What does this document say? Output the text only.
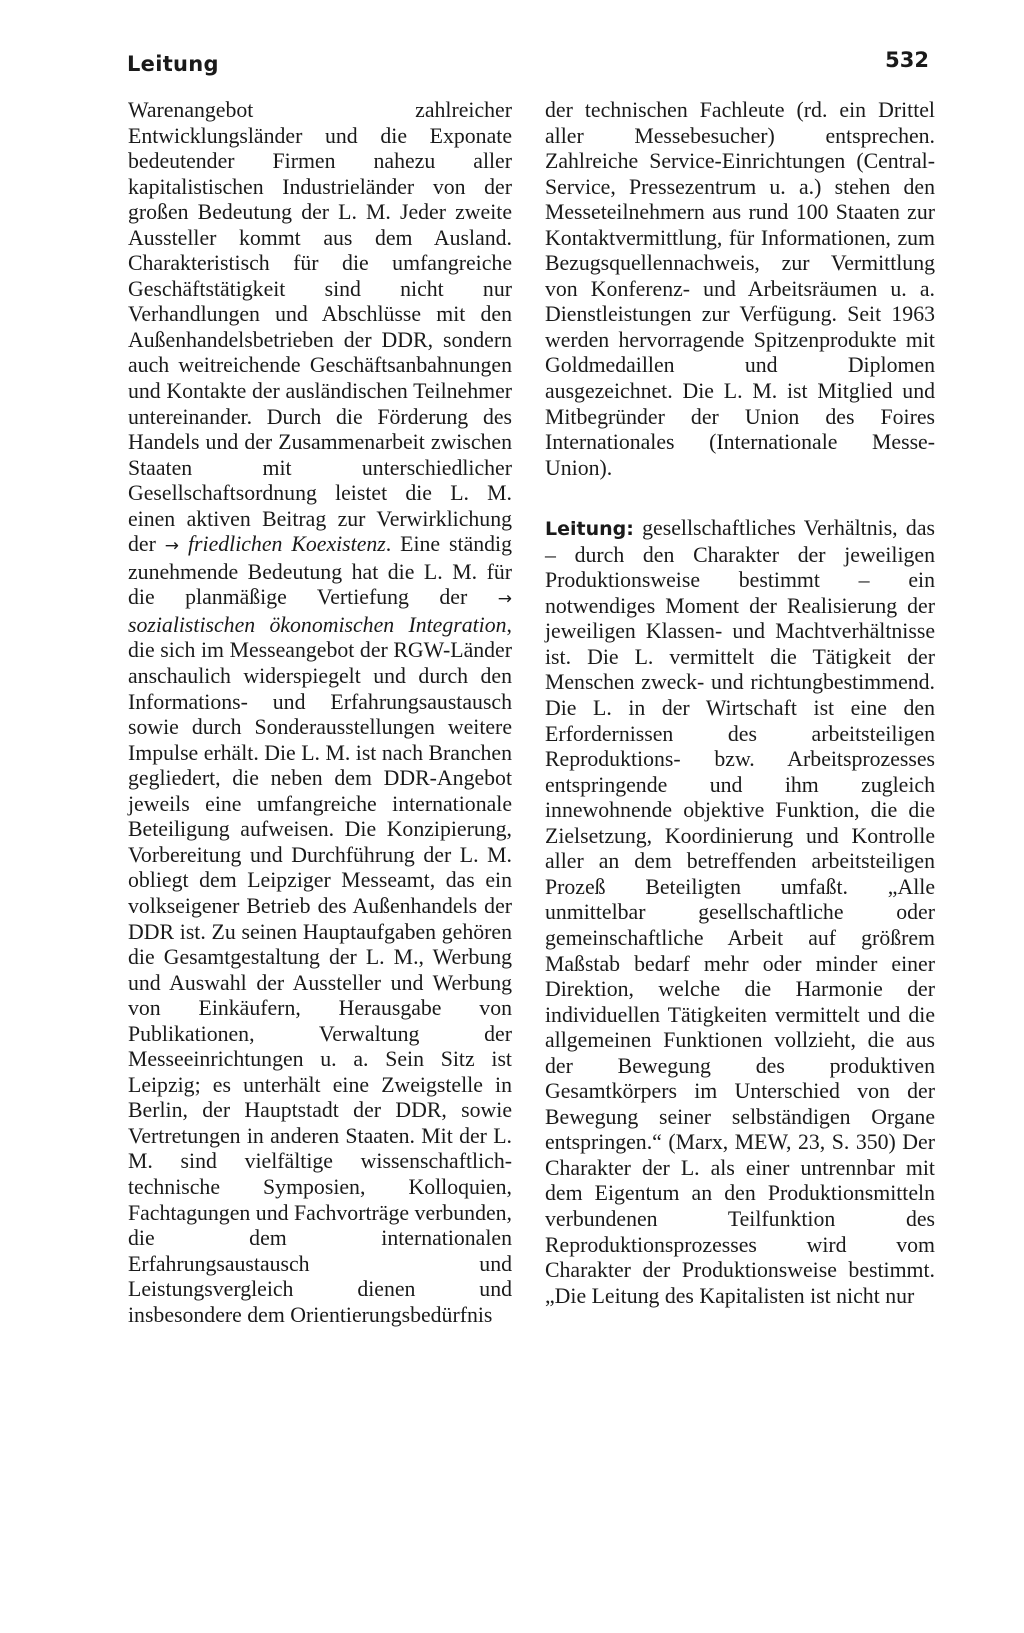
Leitung	532

Warenangebot zahlreicher Entwicklungsländer und die Exponate bedeutender Firmen nahezu aller kapitalistischen Industrieländer von der großen Bedeutung der L. M. Jeder zweite Aussteller kommt aus dem Ausland. Charakteristisch für die umfangreiche Geschäftstätigkeit sind nicht nur Verhandlungen und Abschlüsse mit den Außenhandelsbetrieben der DDR, sondern auch weitreichende Geschäftsanbahnungen und Kontakte der ausländischen Teilnehmer untereinander. Durch die Förderung des Handels und der Zusammenarbeit zwischen Staaten mit unterschiedlicher Gesellschaftsordnung leistet die L. M. einen aktiven Beitrag zur Verwirklichung der → friedlichen Koexistenz. Eine ständig zunehmende Bedeutung hat die L. M. für die planmäßige Vertiefung der → sozialistischen ökonomischen Integration, die sich im Messeangebot der RGW-Länder anschaulich widerspiegelt und durch den Informations- und Erfahrungsaustausch sowie durch Sonderausstellungen weitere Impulse erhält. Die L. M. ist nach Branchen gegliedert, die neben dem DDR-Angebot jeweils eine umfangreiche internationale Beteiligung aufweisen. Die Konzipierung, Vorbereitung und Durchführung der L. M. obliegt dem Leipziger Messeamt, das ein volkseigener Betrieb des Außenhandels der DDR ist. Zu seinen Hauptaufgaben gehören die Gesamtgestaltung der L. M., Werbung und Auswahl der Aussteller und Werbung von Einkäufern, Herausgabe von Publikationen, Verwaltung der Messeeinrichtungen u. a. Sein Sitz ist Leipzig; es unterhält eine Zweigstelle in Berlin, der Hauptstadt der DDR, sowie Vertretungen in anderen Staaten. Mit der L. M. sind vielfältige wissenschaftlich-technische Symposien, Kolloquien, Fachtagungen und Fachvorträge verbunden, die dem internationalen Erfahrungsaustausch und Leistungsvergleich dienen und insbesondere dem Orientierungsbedürfnis

der technischen Fachleute (rd. ein Drittel aller Messebesucher) entsprechen. Zahlreiche Service-Einrichtungen (Central-Service, Pressezentrum u. a.) stehen den Messeteilnehmern aus rund 100 Staaten zur Kontaktvermittlung, für Informationen, zum Bezugsquellennachweis, zur Vermittlung von Konferenz- und Arbeitsräumen u. a. Dienstleistungen zur Verfügung. Seit 1963 werden hervorragende Spitzenprodukte mit Goldmedaillen und Diplomen ausgezeichnet. Die L. M. ist Mitglied und Mitbegründer der Union des Foires Internationales (Internationale Messe-Union).

Leitung: gesellschaftliches Verhältnis, das – durch den Charakter der jeweiligen Produktionsweise bestimmt – ein notwendiges Moment der Realisierung der jeweiligen Klassen- und Machtverhältnisse ist. Die L. vermittelt die Tätigkeit der Menschen zweck- und richtungbestimmend. Die L. in der Wirtschaft ist eine den Erfordernissen des arbeitsteiligen Reproduktions- bzw. Arbeitsprozesses entspringende und ihm zugleich innewohnende objektive Funktion, die die Zielsetzung, Koordinierung und Kontrolle aller an dem betreffenden arbeitsteiligen Prozeß Beteiligten umfaßt. „Alle unmittelbar gesellschaftliche oder gemeinschaftliche Arbeit auf größrem Maßstab bedarf mehr oder minder einer Direktion, welche die Harmonie der individuellen Tätigkeiten vermittelt und die allgemeinen Funktionen vollzieht, die aus der Bewegung des produktiven Gesamtkörpers im Unterschied von der Bewegung seiner selbständigen Organe entspringen.“ (Marx, MEW, 23, S. 350) Der Charakter der L. als einer untrennbar mit dem Eigentum an den Produktionsmitteln verbundenen Teilfunktion des Reproduktionsprozesses wird vom Charakter der Produktionsweise bestimmt. „Die Leitung des Kapitalisten ist nicht nur
